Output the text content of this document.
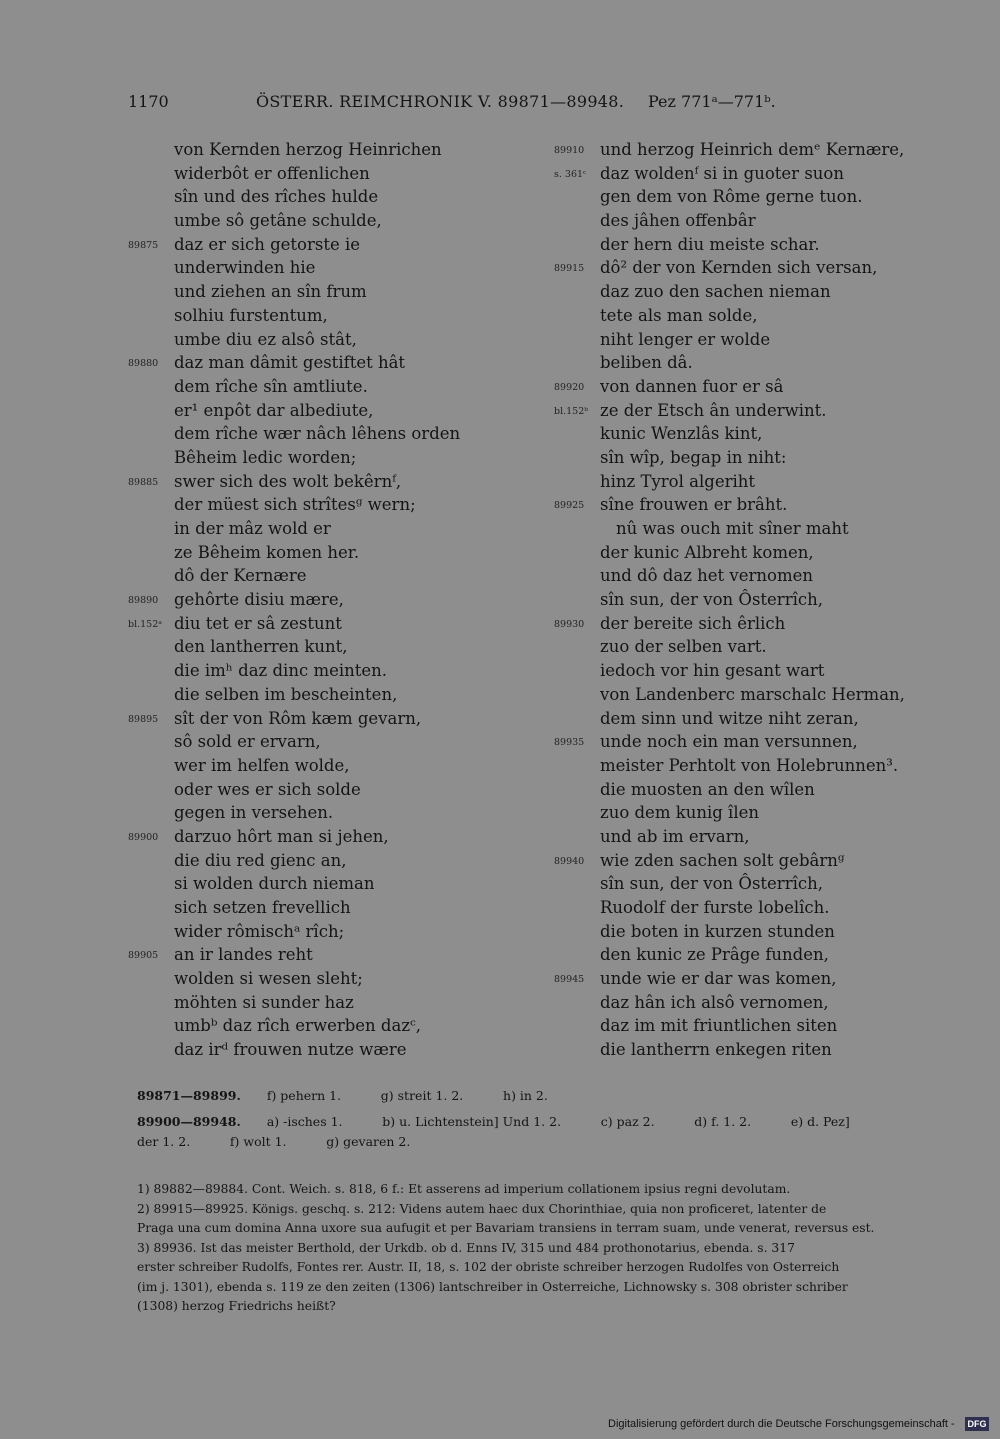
1170	ÖSTERR. REIMCHRONIK V. 89871—89948. Pez 771ᵃ—771ᵇ.
von Kernden herzog Heinrichen
widerbôt er offenlichen
sîn und des rîches hulde
umbe sô getâne schulde,
89875 daz er sich getorste ie
underwinden hie
und ziehen an sîn frum
solhiu furstentum,
umbe diu ez alsô stât,
89880 daz man dâmit gestiftet hât
dem rîche sîn amtliute.
er¹ enpôt dar albediute,
dem rîche wær nâch lêhens orden
Bêheim ledic worden;
89885 swer sich des wolt bekêrnᶠ,
der müest sich strîtesᵍ wern;
in der mâz wold er
ze Bêheim komen her.
dô der Kernære
89890 gehôrte disiu mære,
bl.152ᵃ diu tet er sâ zestunt
den lantherren kunt,
die imʰ daz dinc meinten.
die selben im bescheinten,
89895 sît der von Rôm kæm gevarn,
sô sold er ervarn,
wer im helfen wolde,
oder wes er sich solde
gegen in versehen.
89900 darzuo hôrt man si jehen,
die diu red gienc an,
si wolden durch nieman
sich setzen frevellich
wider rômischᵃ rîch;
89905 an ir landes reht
wolden si wesen sleht;
möhten si sunder haz
umbᵇ daz rîch erwerben dazᶜ,
daz irᵈ frouwen nutze wære
89910 und herzog Heinrich demᵉ Kernære,
s. 361ᶜ daz woldenᶠ si in guoter suon
gen dem von Rôme gerne tuon.
des jâhen offenbâr
der hern diu meiste schar.
89915 dô² der von Kernden sich versan,
daz zuo den sachen nieman
tete als man solde,
niht lenger er wolde
beliben dâ.
89920 von dannen fuor er sâ
bl.152ᵇ ze der Etsch ân underwint.
kunic Wenzlâs kint,
sîn wîp, begap in niht:
hinz Tyrol algeriht
89925 sîne frouwen er brâht.
nû was ouch mit sîner maht
der kunic Albreht komen,
und dô daz het vernomen
sîn sun, der von Ôsterrîch,
89930 der bereite sich êrlich
zuo der selben vart.
iedoch vor hin gesant wart
von Landenberc marschalc Herman,
dem sinn und witze niht zeran,
89935 unde noch ein man versunnen,
meister Perhtolt von Holebrunnen³.
die muosten an den wîlen
zuo dem kunig îlen
und ab im ervarn,
89940 wie zden sachen solt gebârnᵍ
sîn sun, der von Ôsterrîch,
Ruodolf der furste lobelîch.
die boten in kurzen stunden
den kunic ze Prâge funden,
89945 unde wie er dar was komen,
daz hân ich alsô vernomen,
daz im mit friuntlichen siten
die lantherrn enkegen riten
89871—89899. f) pehern 1.          g) streit 1. 2.          h) in 2.
89900—89948. a) -isches 1.          b) u. Lichtenstein] Und 1. 2.          c) paz 2.          d) f. 1. 2.          e) d. Pez]
der 1. 2.          f) wolt 1.          g) gevaren 2.
1) 89882—89884. Cont. Weich. s. 818, 6 f.: Et asserens ad imperium collationem ipsius regni devolutam.
2) 89915—89925. Königs. geschq. s. 212: Videns autem haec dux Chorinthiae, quia non proficeret, latenter de
Praga una cum domina Anna uxore sua aufugit et per Bavariam transiens in terram suam, unde venerat, reversus est.
3) 89936. Ist das meister Berthold, der Urkdb. ob d. Enns IV, 315 und 484 prothonotarius, ebenda. s. 317
erster schreiber Rudolfs, Fontes rer. Austr. II, 18, s. 102 der obriste schreiber herzogen Rudolfes von Osterreich
(im j. 1301), ebenda s. 119 ze den zeiten (1306) lantschreiber in Osterreiche, Lichnowsky s. 308 obrister schriber
(1308) herzog Friedrichs heißt?
Digitalisierung gefördert durch die Deutsche Forschungsgemeinschaft - DFG
